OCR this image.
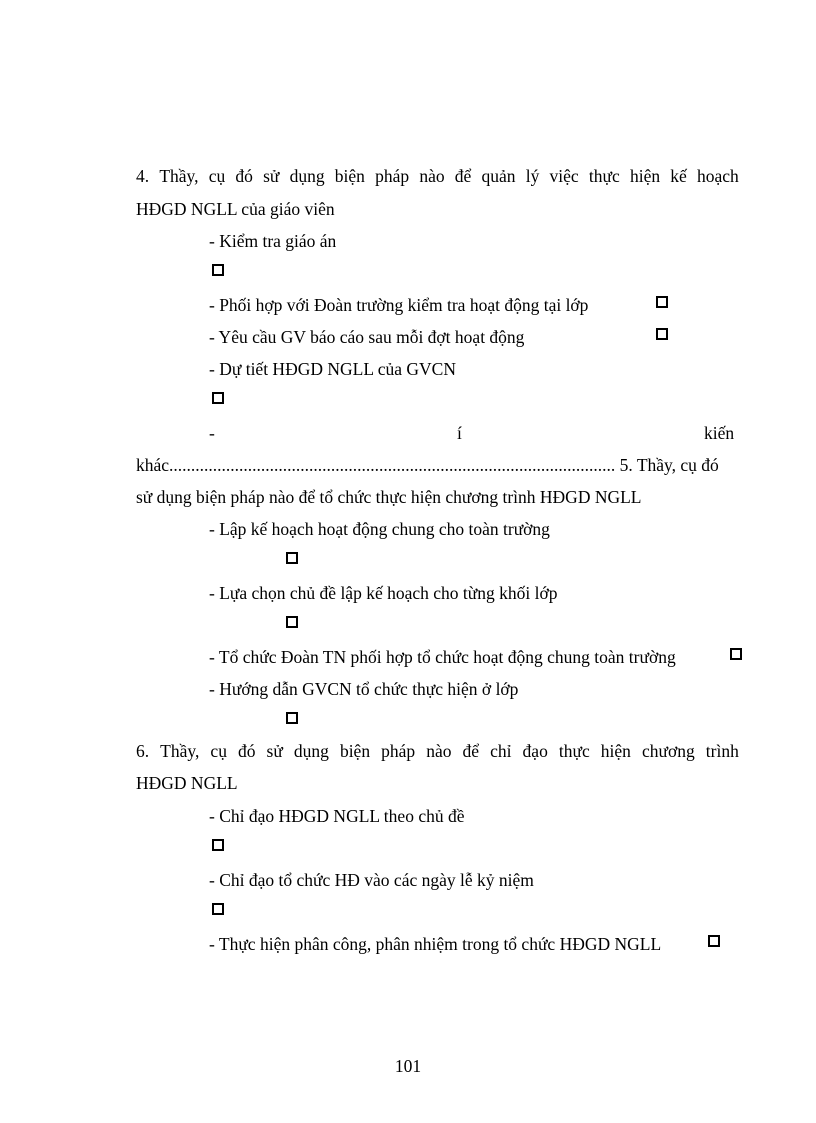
4. Thầy, cụ đó sử dụng biện pháp nào để quản lý việc thực hiện kế hoạch
HĐGD NGLL của giáo viên
- Kiểm tra giáo án
- Phối hợp với Đoàn trường kiểm tra hoạt động tại lớp
- Yêu cầu GV báo cáo sau mỗi đợt hoạt động
- Dự tiết HĐGD NGLL của GVCN
-	í	kiến
khác...................................................................................................... 5. Thầy, cụ đó
sử dụng biện pháp nào để tổ chức thực hiện chương trình HĐGD NGLL
- Lập kế hoạch hoạt động chung cho toàn trường
- Lựa chọn chủ đề lập kế hoạch cho từng khối lớp
- Tổ chức Đoàn TN phối hợp tổ chức hoạt động chung toàn trường
- Hướng dẫn GVCN tổ chức thực hiện ở lớp
6. Thầy, cụ đó sử dụng biện pháp nào để chỉ đạo thực hiện chương trình
HĐGD NGLL
- Chỉ đạo HĐGD NGLL theo chủ đề
- Chỉ đạo tổ chức HĐ vào các ngày lễ kỷ niệm
- Thực hiện phân công, phân nhiệm trong tổ chức HĐGD NGLL
101
